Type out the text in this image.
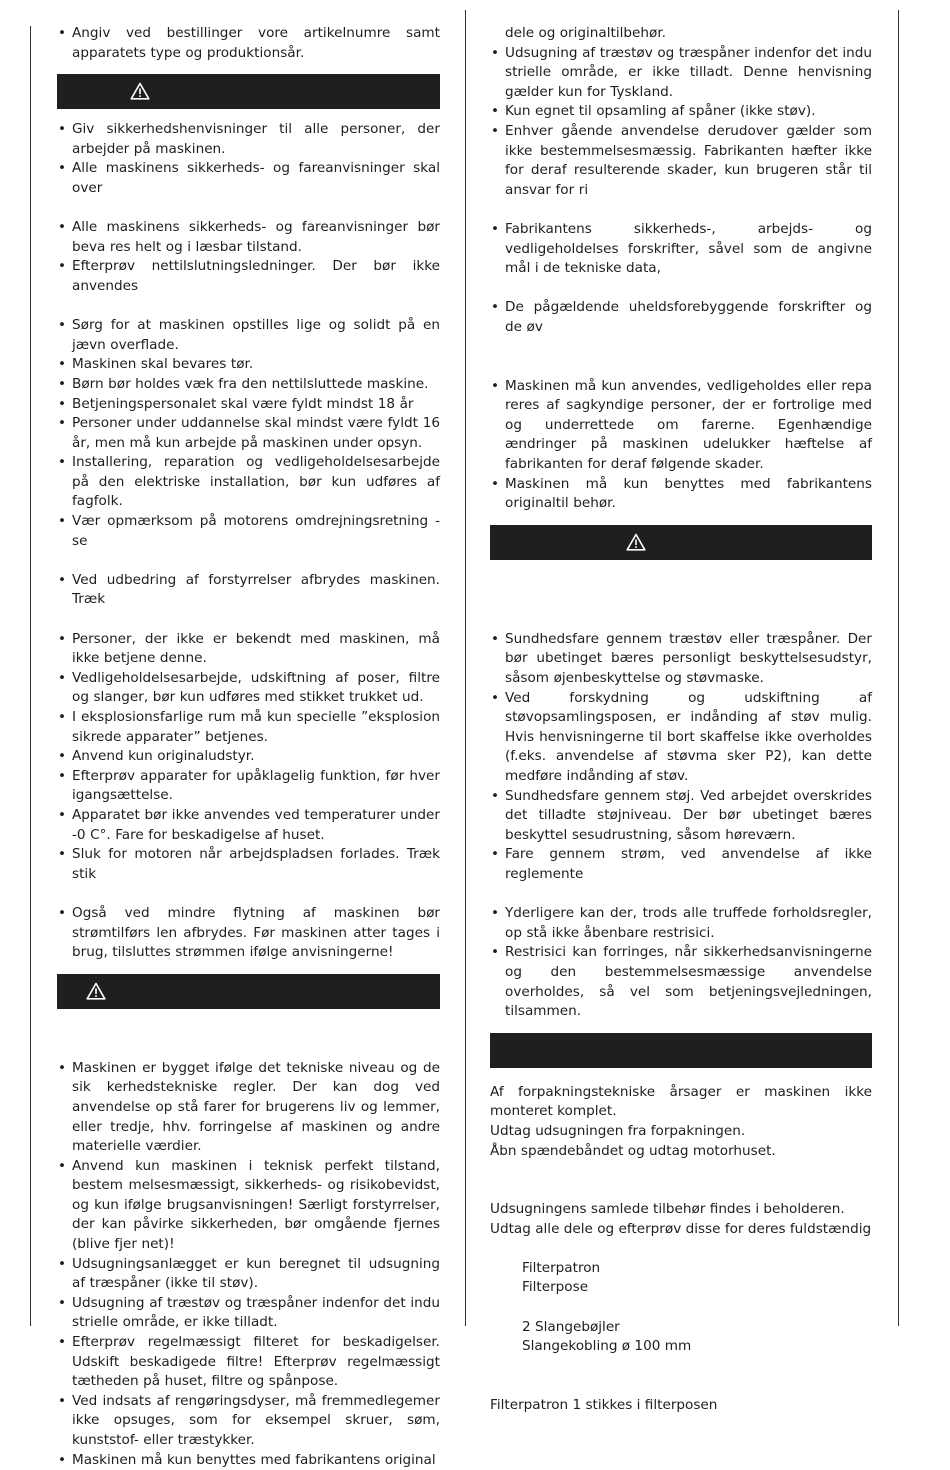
• Angiv ved bestillinger vore artikelnumre samt apparatets type og produktionsår.
• Giv sikkerhedshenvisninger til alle personer, der arbejder på maskinen.
• Alle maskinens sikkerheds- og fareanvisninger skal over
• Alle maskinens sikkerheds- og fareanvisninger bør beva res helt og i læsbar tilstand.
• Efterprøv nettilslutningsledninger. Der bør ikke anvendes
• Sørg for at maskinen opstilles lige og solidt på en jævn overflade.
• Maskinen skal bevares tør.
• Børn bør holdes væk fra den nettilsluttede maskine.
• Betjeningspersonalet skal være fyldt mindst 18 år
• Personer under uddannelse skal mindst være fyldt 16 år, men må kun arbejde på maskinen under opsyn.
• Installering, reparation og vedligeholdelsesarbejde på den elektriske installation, bør kun udføres af fagfolk.
• Vær opmærksom på motorens omdrejningsretning - se
• Ved udbedring af forstyrrelser afbrydes maskinen. Træk
• Personer, der ikke er bekendt med maskinen, må ikke betjene denne.
• Vedligeholdelsesarbejde, udskiftning af poser, filtre og slanger, bør kun udføres med stikket trukket ud.
• I eksplosionsfarlige rum må kun specielle ”eksplosion sikrede apparater” betjenes.
• Anvend kun originaludstyr.
• Efterprøv apparater for upåklagelig funktion, før hver igangsættelse.
• Apparatet bør ikke anvendes ved temperaturer under -0 C°. Fare for beskadigelse af huset.
• Sluk for motoren når arbejdspladsen forlades. Træk stik
• Også ved mindre flytning af maskinen bør strømtilførs len afbrydes. Før maskinen atter tages i brug, tilsluttes strømmen ifølge anvisningerne!
• Maskinen er bygget ifølge det tekniske niveau og de sik kerhedstekniske regler. Der kan dog ved anvendelse op stå farer for brugerens liv og lemmer, eller tredje, hhv. forringelse af maskinen og andre materielle værdier.
• Anvend kun maskinen i teknisk perfekt tilstand, bestem melsesmæssigt, sikkerheds- og risikobevidst, og kun ifølge brugsanvisningen! Særligt forstyrrelser, der kan påvirke sikkerheden, bør omgående fjernes (blive fjer net)!
• Udsugningsanlægget er kun beregnet til udsugning af træspåner (ikke til støv).
• Udsugning af træstøv og træspåner indenfor det indu strielle område, er ikke tilladt.
• Efterprøv regelmæssigt filteret for beskadigelser. Udskift beskadigede filtre! Efterprøv regelmæssigt tætheden på huset, filtre og spånpose.
• Ved indsats af rengøringsdyser, må fremmedlegemer ikke opsuges, som for eksempel skruer, søm, kunststof- eller træstykker.
• Maskinen må kun benyttes med fabrikantens original
dele og originaltilbehør.
• Udsugning af træstøv og træspåner indenfor det indu strielle område, er ikke tilladt. Denne henvisning gælder kun for Tyskland.
• Kun egnet til opsamling af spåner (ikke støv).
• Enhver gående anvendelse derudover gælder som ikke bestemmelsesmæssig. Fabrikanten hæfter ikke for deraf resulterende skader, kun brugeren står til ansvar for ri
• Fabrikantens sikkerheds-, arbejds- og vedligeholdelses forskrifter, såvel som de angivne mål i de tekniske data,
• De pågældende uheldsforebyggende forskrifter og de øv
• Maskinen må kun anvendes, vedligeholdes eller repa reres af sagkyndige personer, der er fortrolige med og underrettede om farerne. Egenhændige ændringer på maskinen udelukker hæftelse af fabrikanten for deraf følgende skader.
• Maskinen må kun benyttes med fabrikantens originaltil behør.
• Sundhedsfare gennem træstøv eller træspåner. Der bør ubetinget bæres personligt beskyttelsesudstyr, såsom øjenbeskyttelse og støvmaske.
• Ved forskydning og udskiftning af støvopsamlingsposen, er indånding af støv mulig. Hvis henvisningerne til bort skaffelse ikke overholdes (f.eks. anvendelse af støvma sker P2), kan dette medføre indånding af støv.
• Sundhedsfare gennem støj. Ved arbejdet overskrides det tilladte støjniveau. Der bør ubetinget bæres beskyttel sesudrustning, såsom høreværn.
• Fare gennem strøm, ved anvendelse af ikke reglemente
• Yderligere kan der, trods alle truffede forholdsregler, op stå ikke åbenbare restrisici.
• Restrisici kan forringes, når sikkerhedsanvisningerne og den bestemmelsesmæssige anvendelse overholdes, så vel som betjeningsvejledningen, tilsammen.

Af forpakningstekniske årsager er maskinen ikke monteret komplet.

Udtag udsugningen fra forpakningen.

Åbn spændebåndet og udtag motorhuset.

Udsugningens samlede tilbehør findes i beholderen.

Udtag alle dele og efterprøv disse for deres fuldstændig

Filterpatron

Filterpose

2 Slangebøjler

Slangekobling ø 100 mm

Filterpatron 1 stikkes i filterposen
